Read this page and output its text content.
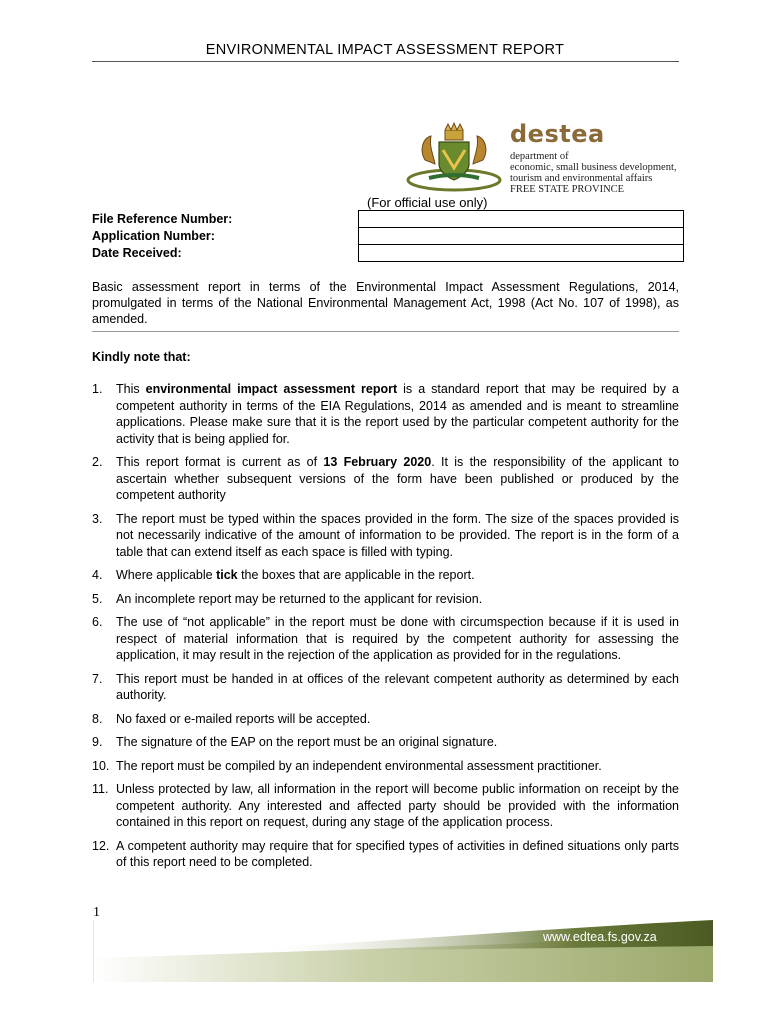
ENVIRONMENTAL IMPACT ASSESSMENT REPORT
destea
department of
economic, small business development,
tourism and environmental affairs
FREE STATE PROVINCE
(For official use only)
File Reference Number:
Application Number:
Date Received:

Basic assessment report in terms of the Environmental Impact Assessment Regulations, 2014, promulgated in terms of the National Environmental Management Act, 1998 (Act No. 107 of 1998), as amended.
Kindly note that:
1. This environmental impact assessment report is a standard report that may be required by a competent authority in terms of the EIA Regulations, 2014 as amended and is meant to streamline applications. Please make sure that it is the report used by the particular competent authority for the activity that is being applied for.
2. This report format is current as of 13 February 2020. It is the responsibility of the applicant to ascertain whether subsequent versions of the form have been published or produced by the competent authority
3. The report must be typed within the spaces provided in the form. The size of the spaces provided is not necessarily indicative of the amount of information to be provided. The report is in the form of a table that can extend itself as each space is filled with typing.
4. Where applicable tick the boxes that are applicable in the report.
5. An incomplete report may be returned to the applicant for revision.
6. The use of “not applicable” in the report must be done with circumspection because if it is used in respect of material information that is required by the competent authority for assessing the application, it may result in the rejection of the application as provided for in the regulations.
7. This report must be handed in at offices of the relevant competent authority as determined by each authority.
8. No faxed or e-mailed reports will be accepted.
9. The signature of the EAP on the report must be an original signature.
10. The report must be compiled by an independent environmental assessment practitioner.
11. Unless protected by law, all information in the report will become public information on receipt by the competent authority. Any interested and affected party should be provided with the information contained in this report on request, during any stage of the application process.
12. A competent authority may require that for specified types of activities in defined situations only parts of this report need to be completed.
1
www.edtea.fs.gov.za
